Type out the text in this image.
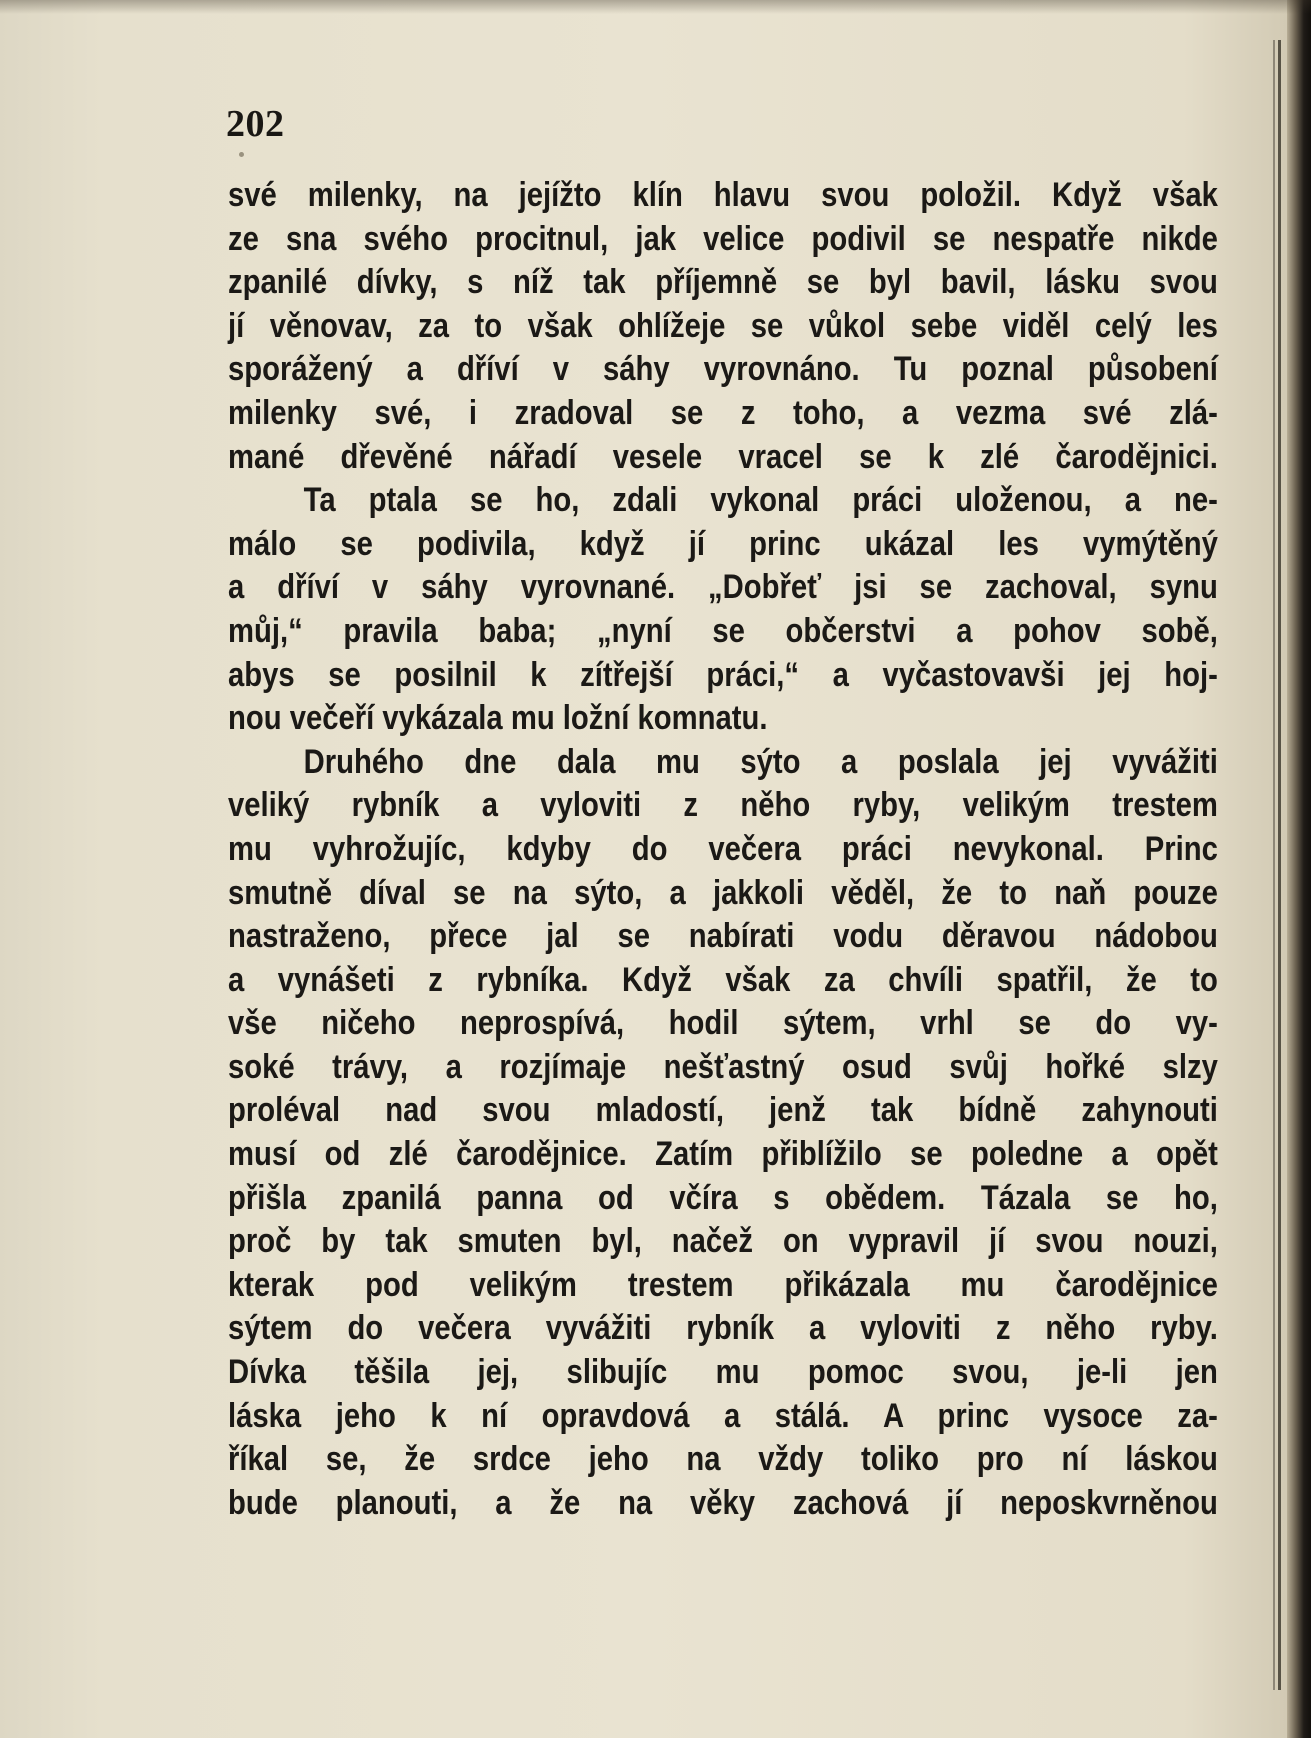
202
své milenky, na jejížto klín hlavu svou položil. Když však
ze sna svého procitnul, jak velice podivil se nespatře nikde
zpanilé dívky, s níž tak příjemně se byl bavil, lásku svou
jí věnovav, za to však ohlížeje se vůkol sebe viděl celý les
sporážený a dříví v sáhy vyrovnáno. Tu poznal působení
milenky své, i zradoval se z toho, a vezma své zlá-
mané dřevěné nářadí vesele vracel se k zlé čarodějnici.
Ta ptala se ho, zdali vykonal práci uloženou, a ne-
málo se podivila, když jí princ ukázal les vymýtěný
a dříví v sáhy vyrovnané. „Dobřeť jsi se zachoval, synu
můj,“ pravila baba; „nyní se občerstvi a pohov sobě,
abys se posilnil k zítřejší práci,“ a vyčastovavši jej hoj-
nou večeří vykázala mu ložní komnatu.
Druhého dne dala mu sýto a poslala jej vyvážiti
veliký rybník a vyloviti z něho ryby, velikým trestem
mu vyhrožujíc, kdyby do večera práci nevykonal. Princ
smutně díval se na sýto, a jakkoli věděl, že to naň pouze
nastraženo, přece jal se nabírati vodu děravou nádobou
a vynášeti z rybníka. Když však za chvíli spatřil, že to
vše ničeho neprospívá, hodil sýtem, vrhl se do vy-
soké trávy, a rozjímaje nešťastný osud svůj hořké slzy
proléval nad svou mladostí, jenž tak bídně zahynouti
musí od zlé čarodějnice. Zatím přiblížilo se poledne a opět
přišla zpanilá panna od včíra s obědem. Tázala se ho,
proč by tak smuten byl, načež on vypravil jí svou nouzi,
kterak pod velikým trestem přikázala mu čarodějnice
sýtem do večera vyvážiti rybník a vyloviti z něho ryby.
Dívka těšila jej, slibujíc mu pomoc svou, je-li jen
láska jeho k ní opravdová a stálá. A princ vysoce za-
říkal se, že srdce jeho na vždy toliko pro ní láskou
bude planouti, a že na věky zachová jí neposkvrněnou
